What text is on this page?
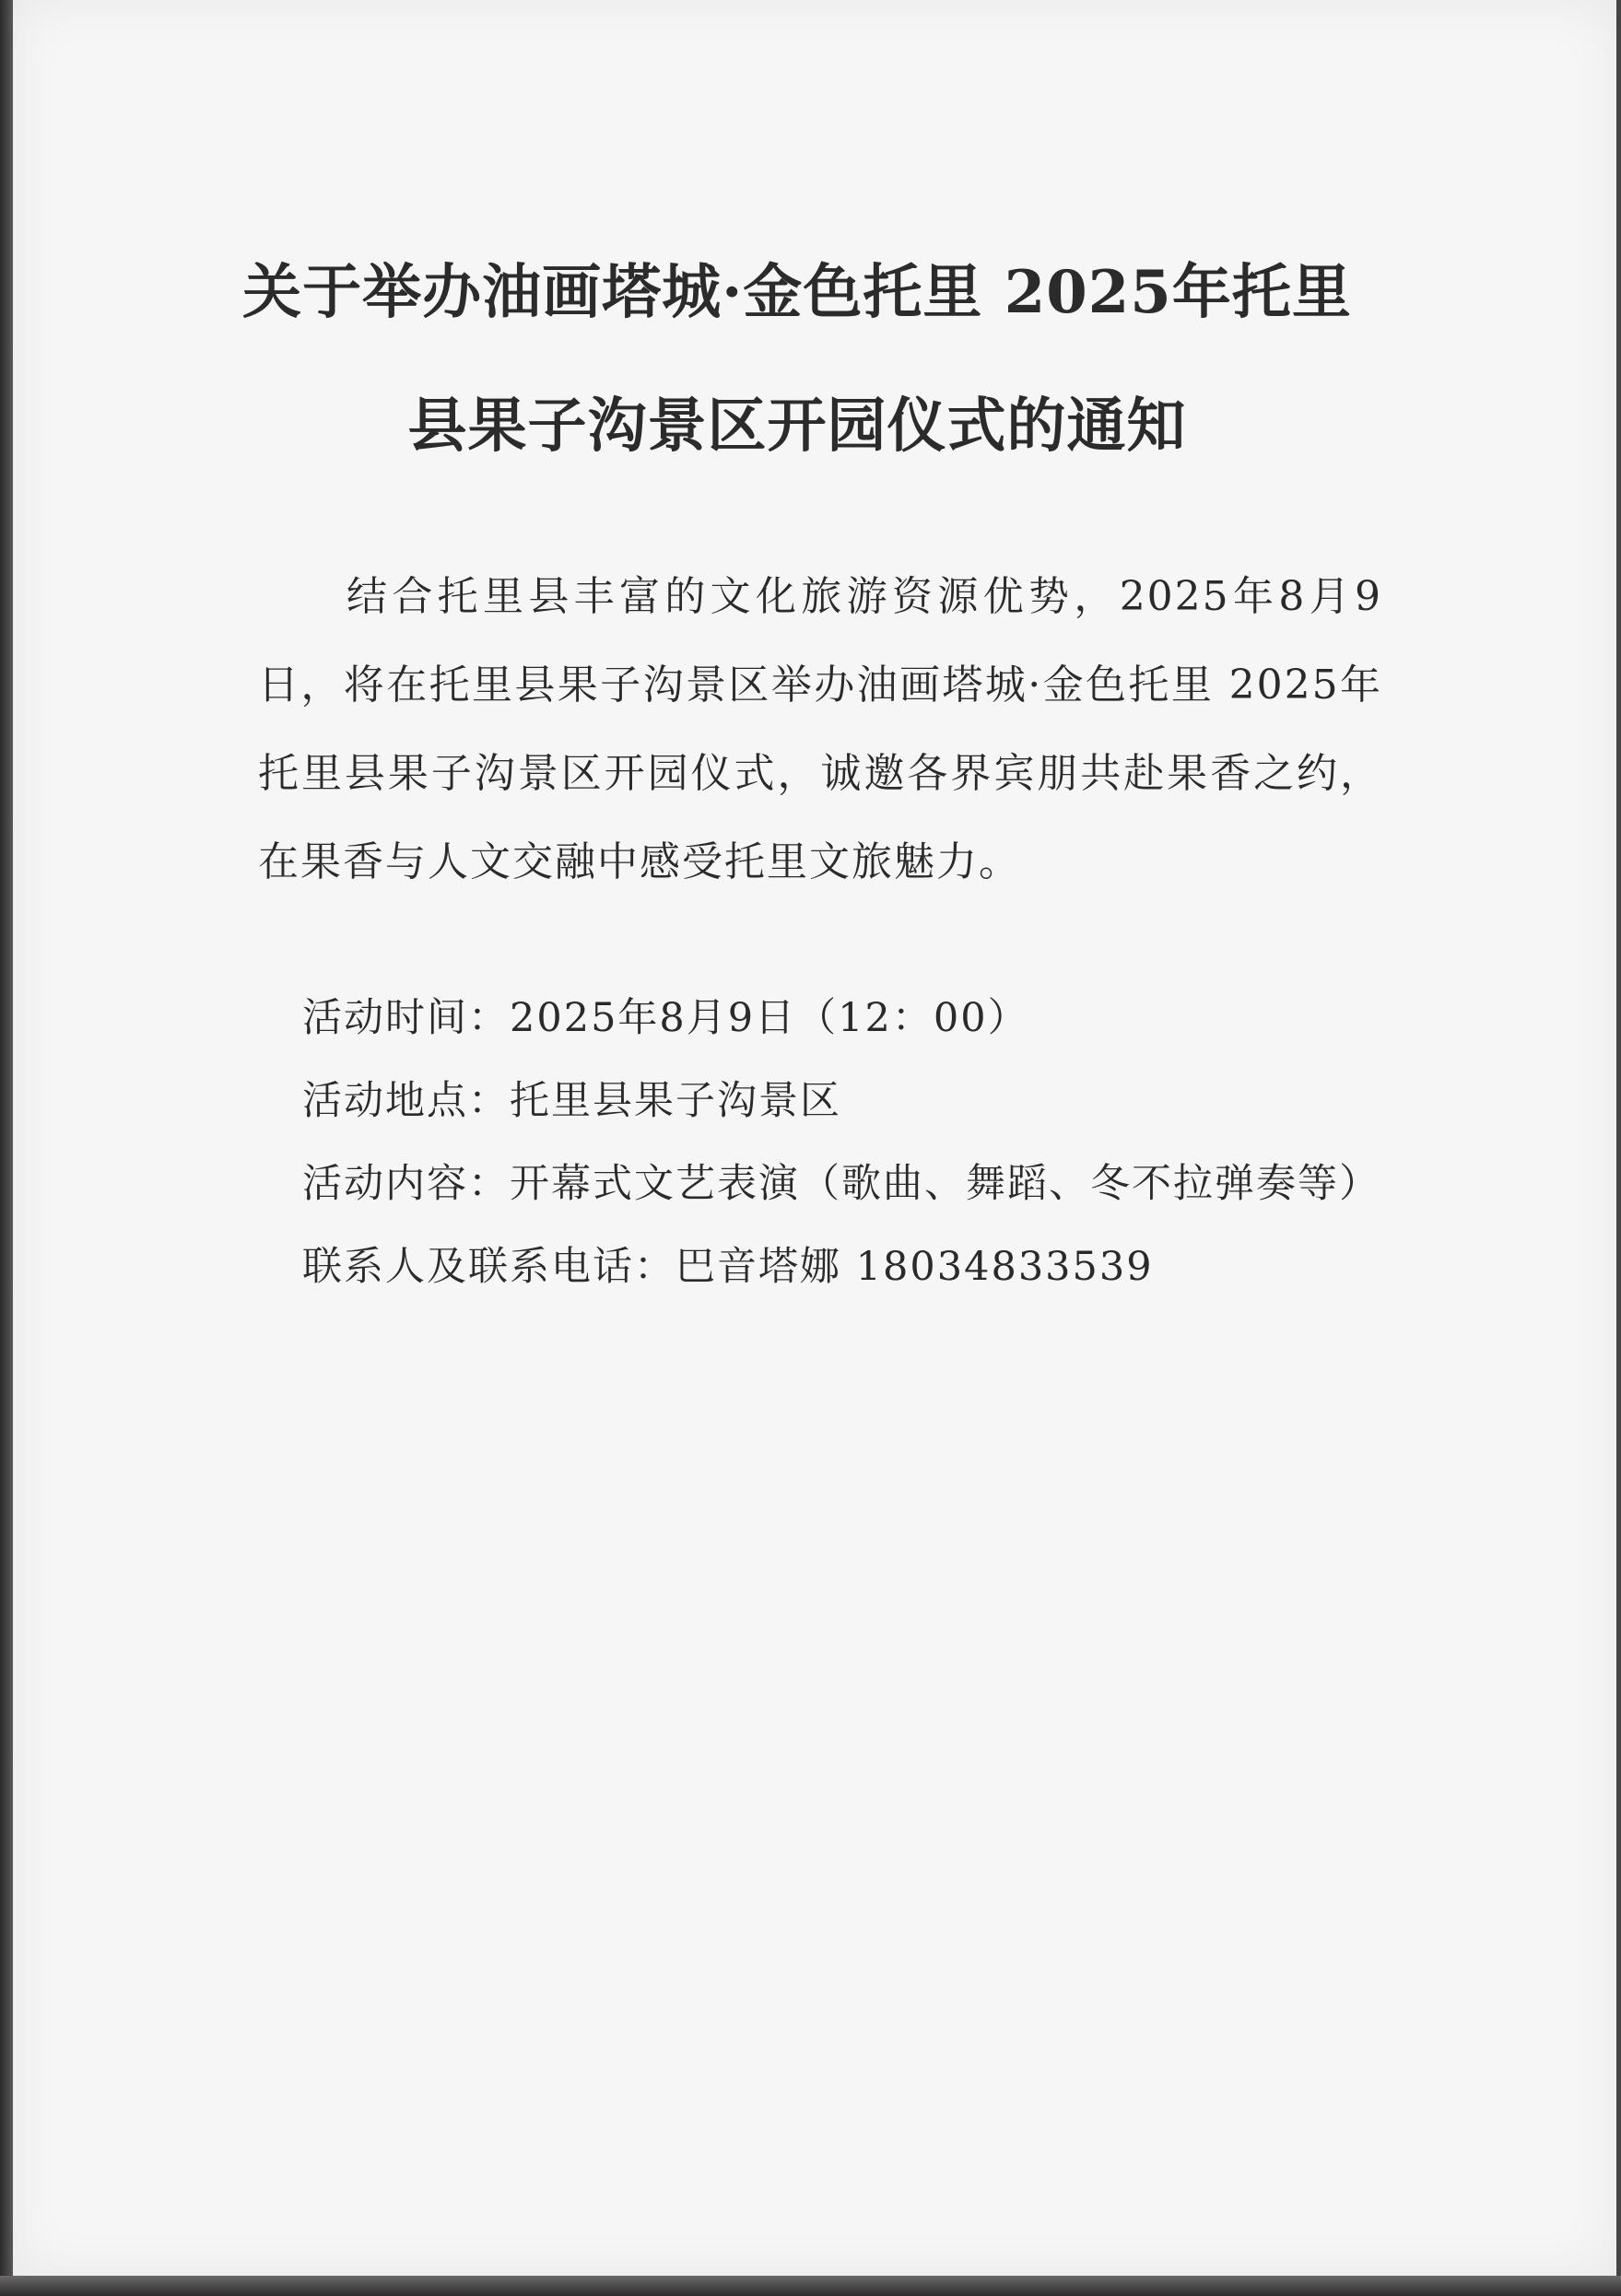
关于举办油画塔城·金色托里 2025年托里县果子沟景区开园仪式的通知

结合托里县丰富的文化旅游资源优势，2025年8月9日，将在托里县果子沟景区举办油画塔城·金色托里 2025年托里县果子沟景区开园仪式，诚邀各界宾朋共赴果香之约，在果香与人文交融中感受托里文旅魅力。

活动时间：2025年8月9日（12：00）
活动地点：托里县果子沟景区
活动内容：开幕式文艺表演（歌曲、舞蹈、冬不拉弹奏等）
联系人及联系电话：巴音塔娜 18034833539
